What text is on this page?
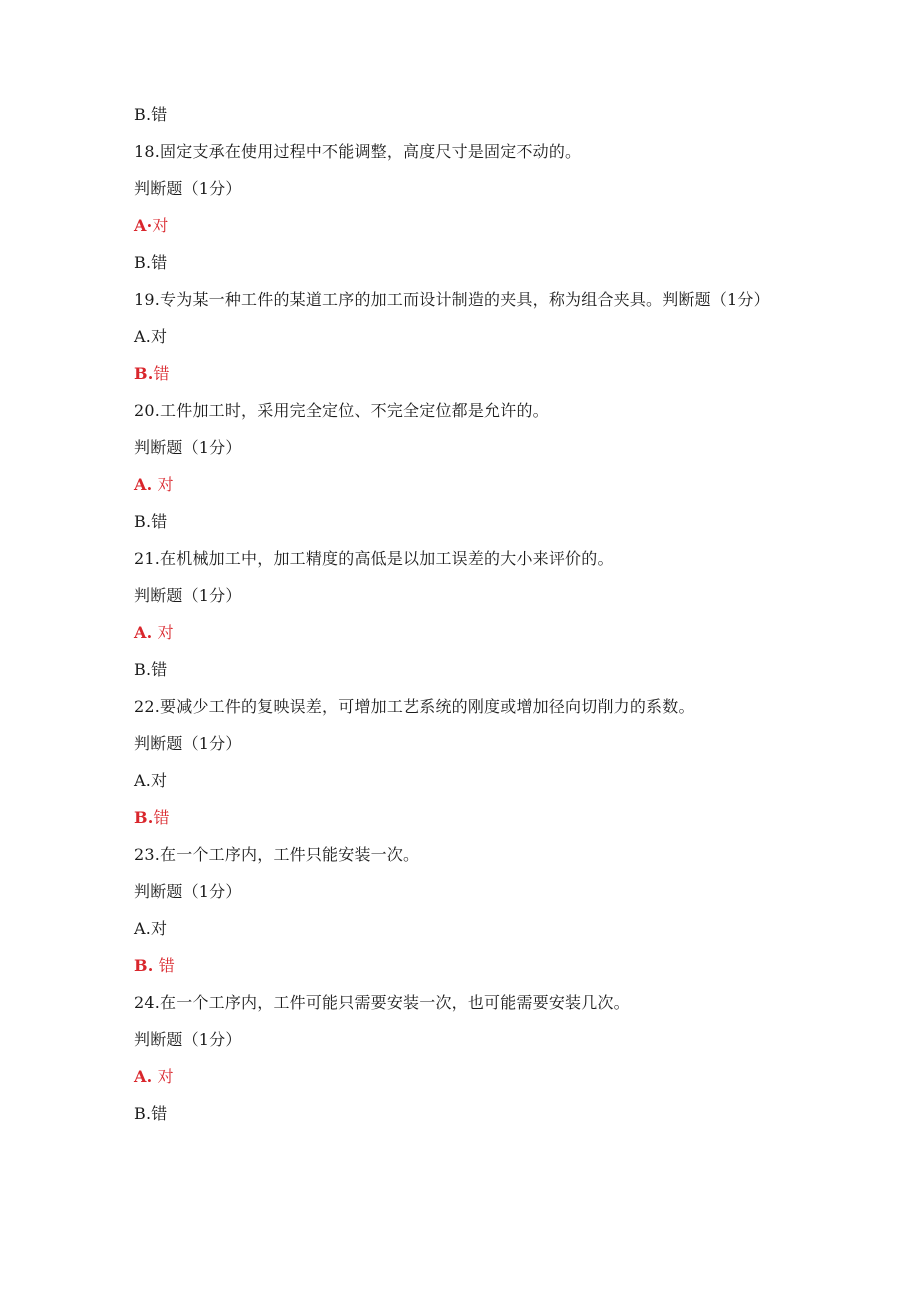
B.错
18.固定支承在使用过程中不能调整，高度尺寸是固定不动的。
判断题（1分）
A·对
B.错
19.专为某一种工件的某道工序的加工而设计制造的夹具，称为组合夹具。判断题（1分）
A.对
B.错
20.工件加工时，采用完全定位、不完全定位都是允许的。
判断题（1分）
A. 对
B.错
21.在机械加工中，加工精度的高低是以加工误差的大小来评价的。
判断题（1分）
A. 对
B.错
22.要减少工件的复映误差，可增加工艺系统的刚度或增加径向切削力的系数。
判断题（1分）
A.对
B.错
23.在一个工序内，工件只能安装一次。
判断题（1分）
A.对
B. 错
24.在一个工序内，工件可能只需要安装一次，也可能需要安装几次。
判断题（1分）
A. 对
B.错
